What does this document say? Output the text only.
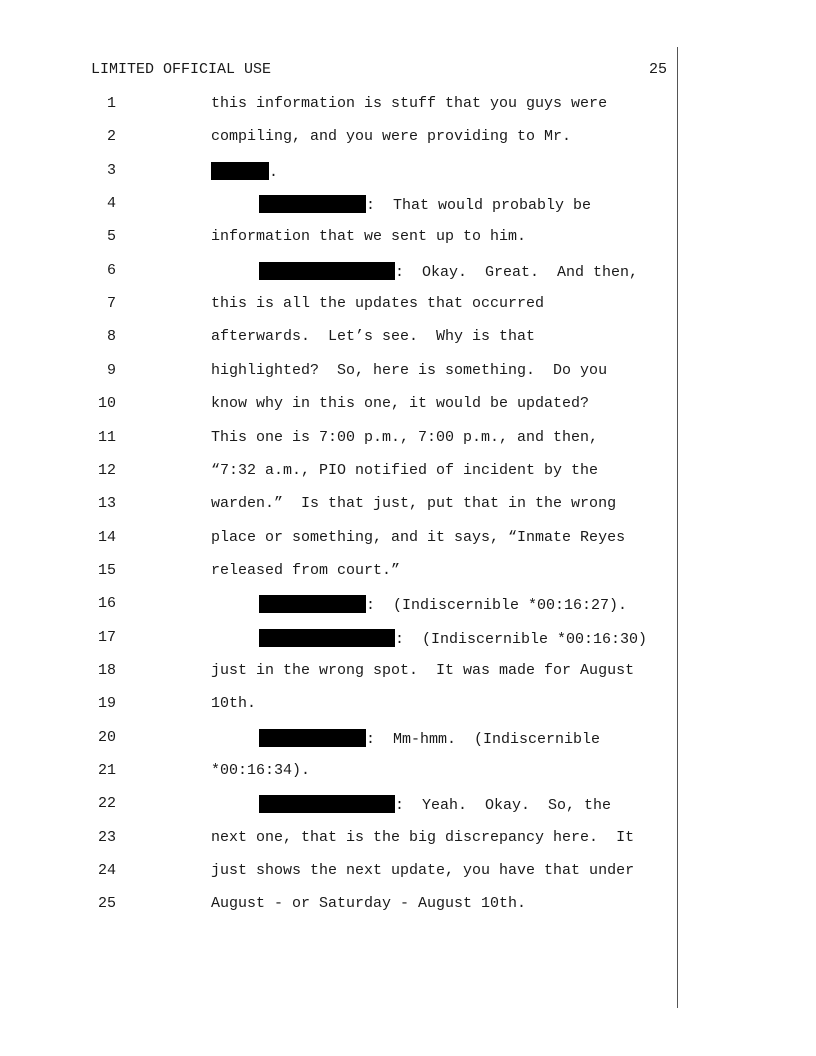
LIMITED OFFICIAL USE	25
1	this information is stuff that you guys were
2	compiling, and you were providing to Mr.
3	.
4	:  That would probably be
5	information that we sent up to him.
6	:  Okay.  Great.  And then,
7	this is all the updates that occurred
8	afterwards.  Let’s see.  Why is that
9	highlighted?  So, here is something.  Do you
10	know why in this one, it would be updated?
11	This one is 7:00 p.m., 7:00 p.m., and then,
12	“7:32 a.m., PIO notified of incident by the
13	warden.”  Is that just, put that in the wrong
14	place or something, and it says, “Inmate Reyes
15	released from court.”
16	:  (Indiscernible *00:16:27).
17	:  (Indiscernible *00:16:30)
18	just in the wrong spot.  It was made for August
19	10th.
20	:  Mm-hmm.  (Indiscernible
21	*00:16:34).
22	:  Yeah.  Okay.  So, the
23	next one, that is the big discrepancy here.  It
24	just shows the next update, you have that under
25	August - or Saturday - August 10th.
